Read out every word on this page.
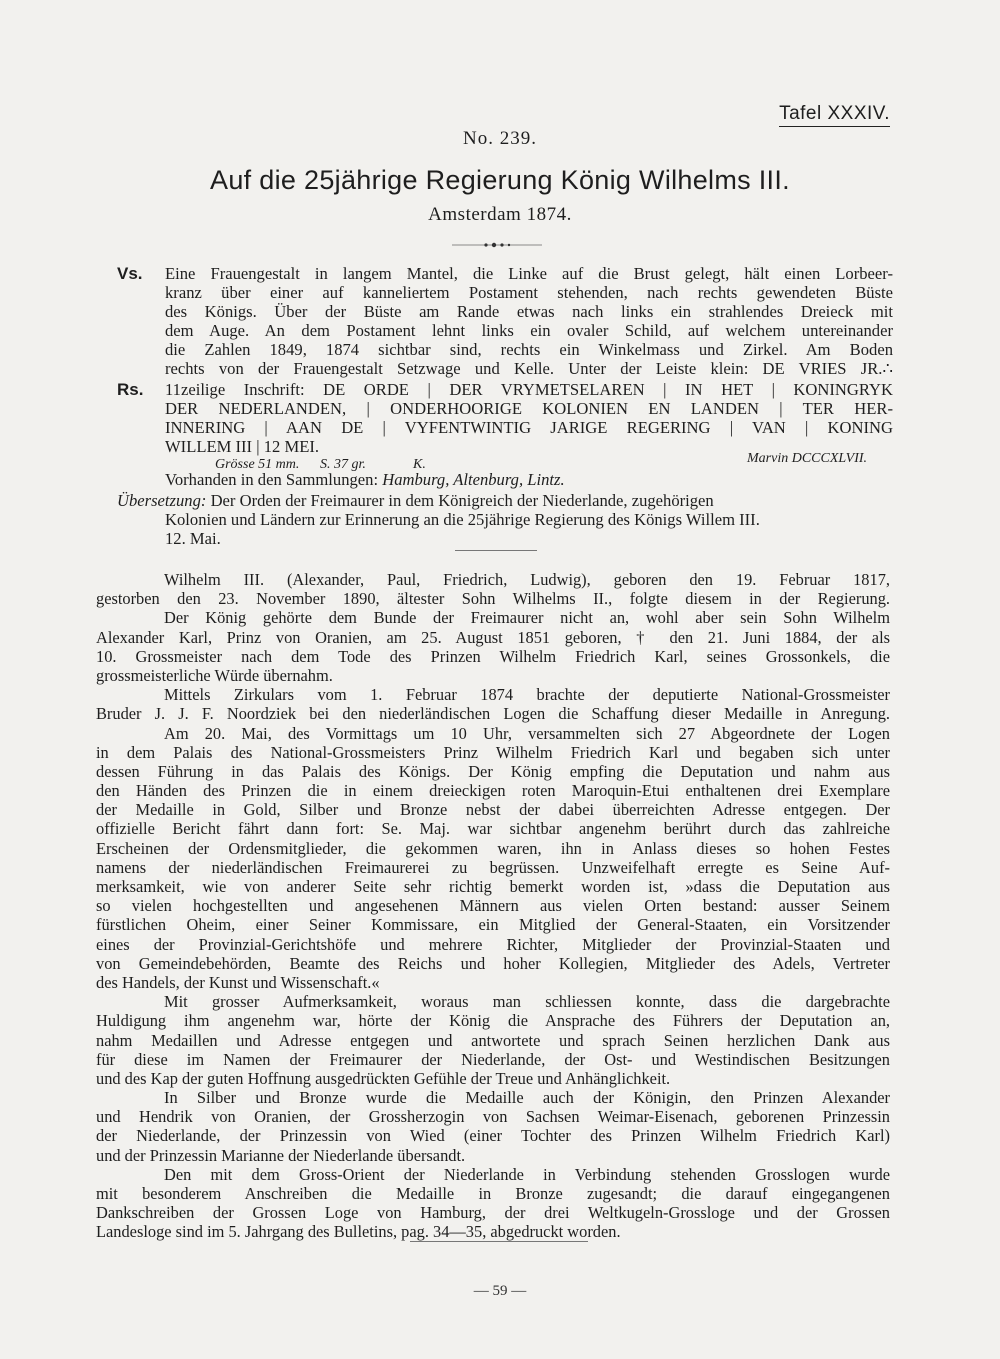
Tafel XXXIV.
No. 239.
Auf die 25jährige Regierung König Wilhelms III.
Amsterdam 1874.
Vs. Eine Frauengestalt in langem Mantel, die Linke auf die Brust gelegt, hält einen Lorbeer-
kranz über einer auf kanneliertem Postament stehenden, nach rechts gewendeten Büste
des Königs. Über der Büste am Rande etwas nach links ein strahlendes Dreieck mit
dem Auge. An dem Postament lehnt links ein ovaler Schild, auf welchem untereinander
die Zahlen 1849, 1874 sichtbar sind, rechts ein Winkelmass und Zirkel. Am Boden
rechts von der Frauengestalt Setzwage und Kelle. Unter der Leiste klein: DE VRIES JR.∴
Rs. 11zeilige Inschrift: DE ORDE | DER VRYMETSELAREN | IN HET | KONINGRYK
DER NEDERLANDEN, | ONDERHOORIGE KOLONIEN EN LANDEN | TER HER-
INNERING | AAN DE | VYFENTWINTIG JARIGE REGERING | VAN | KONING
WILLEM III | 12 MEI.
Grösse 51 mm. S. 37 gr.	K.	Marvin DCCCXLVII.
Vorhanden in den Sammlungen: Hamburg, Altenburg, Lintz.
Übersetzung: Der Orden der Freimaurer in dem Königreich der Niederlande, zugehörigen
Kolonien und Ländern zur Erinnerung an die 25jährige Regierung des Königs Willem III.
12. Mai.
Wilhelm III. (Alexander, Paul, Friedrich, Ludwig), geboren den 19. Februar 1817,
gestorben den 23. November 1890, ältester Sohn Wilhelms II., folgte diesem in der Regierung.
Der König gehörte dem Bunde der Freimaurer nicht an, wohl aber sein Sohn Wilhelm
Alexander Karl, Prinz von Oranien, am 25. August 1851 geboren, † den 21. Juni 1884, der als
10. Grossmeister nach dem Tode des Prinzen Wilhelm Friedrich Karl, seines Grossonkels, die
grossmeisterliche Würde übernahm.
Mittels Zirkulars vom 1. Februar 1874 brachte der deputierte National-Grossmeister
Bruder J. J. F. Noordziek bei den niederländischen Logen die Schaffung dieser Medaille in Anregung.
Am 20. Mai, des Vormittags um 10 Uhr, versammelten sich 27 Abgeordnete der Logen
in dem Palais des National-Grossmeisters Prinz Wilhelm Friedrich Karl und begaben sich unter
dessen Führung in das Palais des Königs. Der König empfing die Deputation und nahm aus
den Händen des Prinzen die in einem dreieckigen roten Maroquin-Etui enthaltenen drei Exemplare
der Medaille in Gold, Silber und Bronze nebst der dabei überreichten Adresse entgegen. Der
offizielle Bericht fährt dann fort: Se. Maj. war sichtbar angenehm berührt durch das zahlreiche
Erscheinen der Ordensmitglieder, die gekommen waren, ihn in Anlass dieses so hohen Festes
namens der niederländischen Freimaurerei zu begrüssen. Unzweifelhaft erregte es Seine Auf-
merksamkeit, wie von anderer Seite sehr richtig bemerkt worden ist, »dass die Deputation aus
so vielen hochgestellten und angesehenen Männern aus vielen Orten bestand: ausser Seinem
fürstlichen Oheim, einer Seiner Kommissare, ein Mitglied der General-Staaten, ein Vorsitzender
eines der Provinzial-Gerichtshöfe und mehrere Richter, Mitglieder der Provinzial-Staaten und
von Gemeindebehörden, Beamte des Reichs und hoher Kollegien, Mitglieder des Adels, Vertreter
des Handels, der Kunst und Wissenschaft.«
Mit grosser Aufmerksamkeit, woraus man schliessen konnte, dass die dargebrachte
Huldigung ihm angenehm war, hörte der König die Ansprache des Führers der Deputation an,
nahm Medaillen und Adresse entgegen und antwortete und sprach Seinen herzlichen Dank aus
für diese im Namen der Freimaurer der Niederlande, der Ost- und Westindischen Besitzungen
und des Kap der guten Hoffnung ausgedrückten Gefühle der Treue und Anhänglichkeit.
In Silber und Bronze wurde die Medaille auch der Königin, den Prinzen Alexander
und Hendrik von Oranien, der Grossherzogin von Sachsen Weimar-Eisenach, geborenen Prinzessin
der Niederlande, der Prinzessin von Wied (einer Tochter des Prinzen Wilhelm Friedrich Karl)
und der Prinzessin Marianne der Niederlande übersandt.
Den mit dem Gross-Orient der Niederlande in Verbindung stehenden Grosslogen wurde
mit besonderem Anschreiben die Medaille in Bronze zugesandt; die darauf eingegangenen
Dankschreiben der Grossen Loge von Hamburg, der drei Weltkugeln-Grossloge und der Grossen
Landesloge sind im 5. Jahrgang des Bulletins, pag. 34—35, abgedruckt worden.
— 59 —
